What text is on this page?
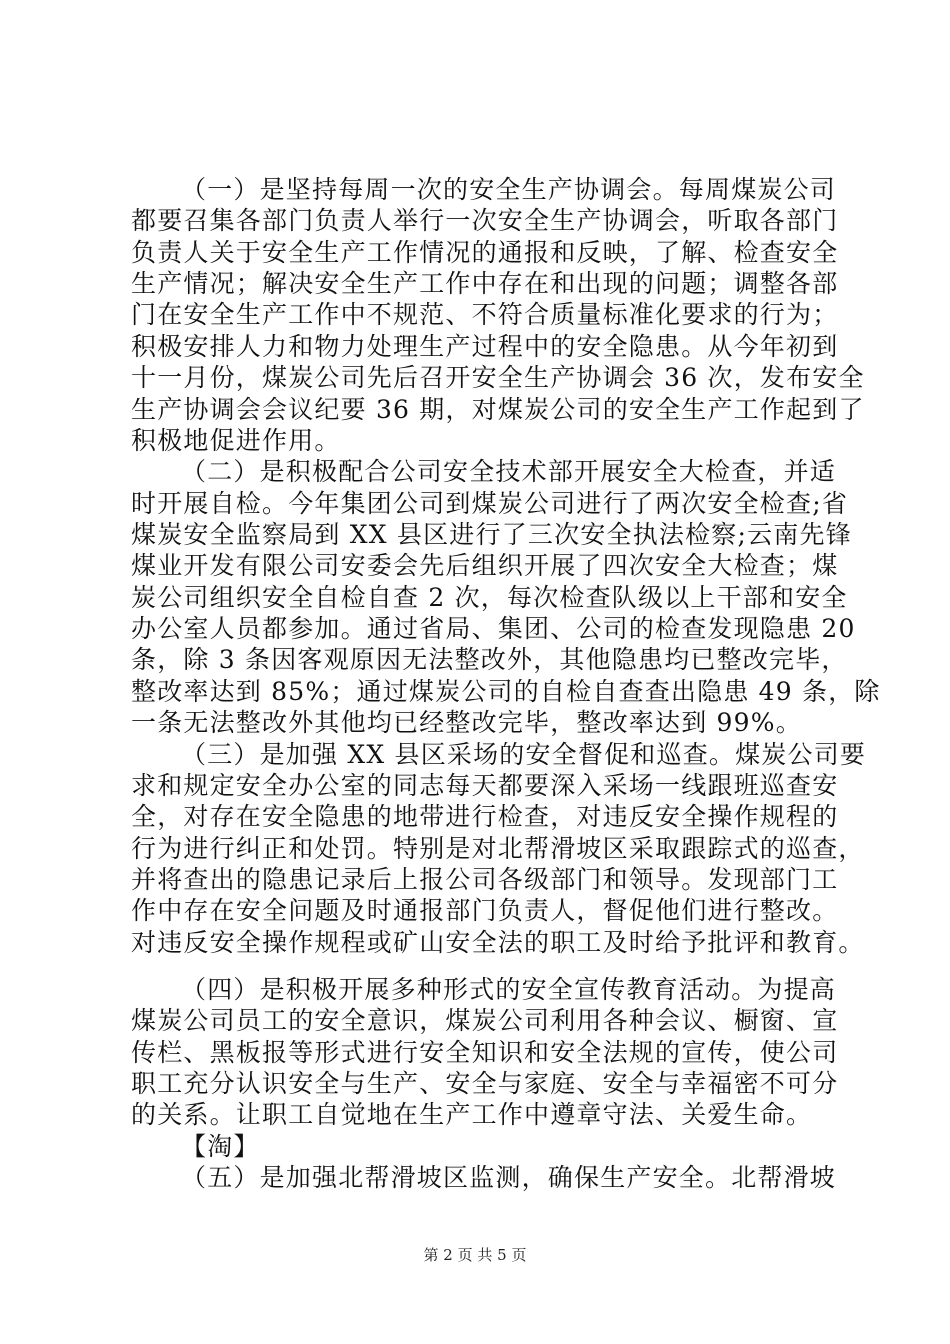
（一）是坚持每周一次的安全生产协调会。每周煤炭公司
都要召集各部门负责人举行一次安全生产协调会，听取各部门
负责人关于安全生产工作情况的通报和反映，了解、检查安全
生产情况；解决安全生产工作中存在和出现的问题；调整各部
门在安全生产工作中不规范、不符合质量标准化要求的行为；
积极安排人力和物力处理生产过程中的安全隐患。从今年初到
十一月份，煤炭公司先后召开安全生产协调会 36 次，发布安全
生产协调会会议纪要 36 期，对煤炭公司的安全生产工作起到了
积极地促进作用。
（二）是积极配合公司安全技术部开展安全大检查，并适
时开展自检。今年集团公司到煤炭公司进行了两次安全检查;省
煤炭安全监察局到 XX 县区进行了三次安全执法检察;云南先锋
煤业开发有限公司安委会先后组织开展了四次安全大检查；煤
炭公司组织安全自检自查 2 次，每次检查队级以上干部和安全
办公室人员都参加。通过省局、集团、公司的检查发现隐患 20
条，除 3 条因客观原因无法整改外，其他隐患均已整改完毕，
整改率达到 85%；通过煤炭公司的自检自查查出隐患 49 条，除
一条无法整改外其他均已经整改完毕，整改率达到 99%。
（三）是加强 XX 县区采场的安全督促和巡查。煤炭公司要
求和规定安全办公室的同志每天都要深入采场一线跟班巡查安
全，对存在安全隐患的地带进行检查，对违反安全操作规程的
行为进行纠正和处罚。特别是对北帮滑坡区采取跟踪式的巡查，
并将查出的隐患记录后上报公司各级部门和领导。发现部门工
作中存在安全问题及时通报部门负责人，督促他们进行整改。
对违反安全操作规程或矿山安全法的职工及时给予批评和教育。
（四）是积极开展多种形式的安全宣传教育活动。为提高
煤炭公司员工的安全意识，煤炭公司利用各种会议、橱窗、宣
传栏、黑板报等形式进行安全知识和安全法规的宣传，使公司
职工充分认识安全与生产、安全与家庭、安全与幸福密不可分
的关系。让职工自觉地在生产工作中遵章守法、关爱生命。
【淘】
（五）是加强北帮滑坡区监测，确保生产安全。北帮滑坡
第 2 页 共 5 页
